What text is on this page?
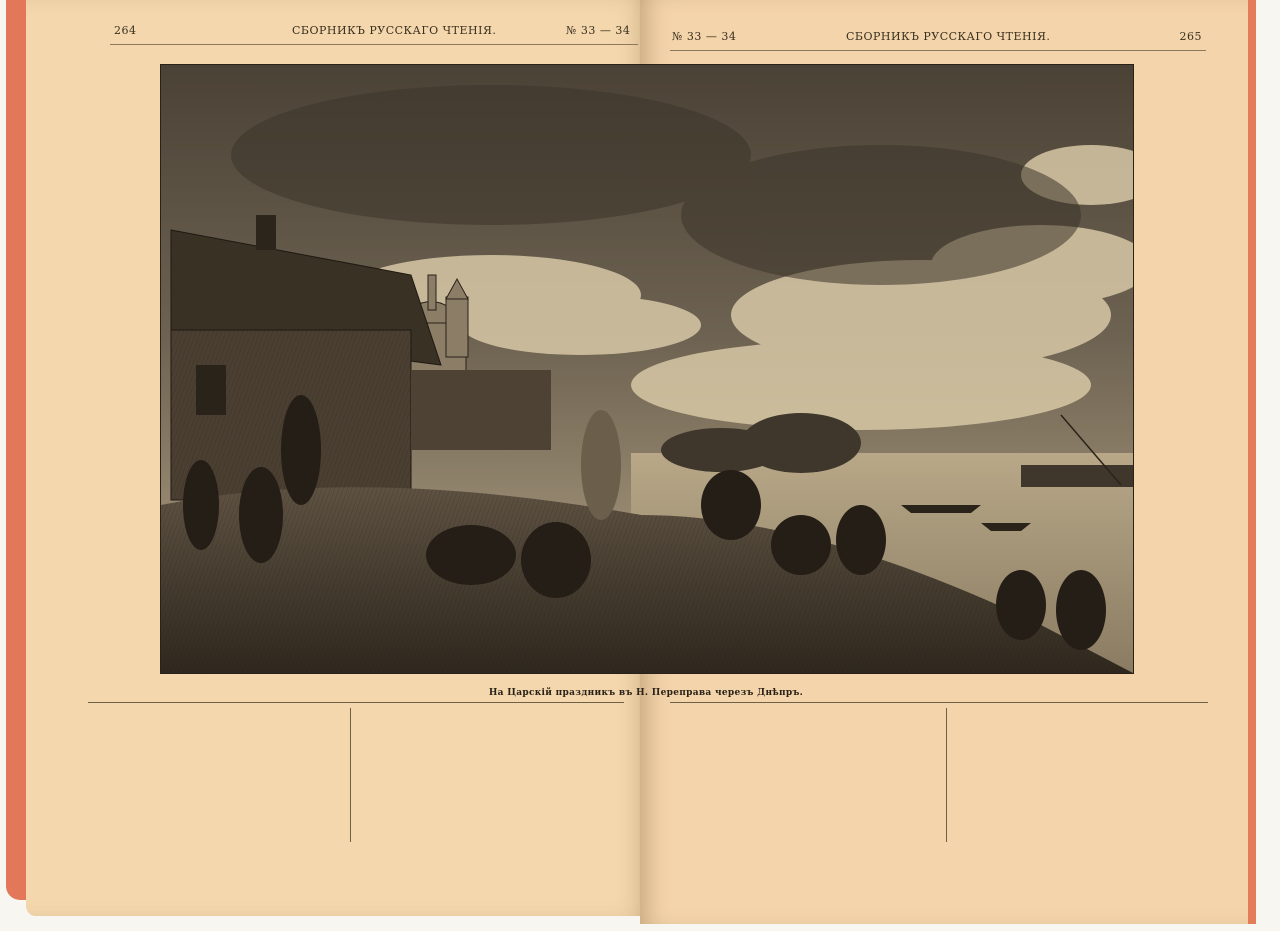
264	СБОРНИКЪ РУССКАГО ЧТЕНІЯ.	№ 33 — 34	№ 33 — 34	СБОРНИКЪ РУССКАГО ЧТЕНІЯ.	265
На Царскій праздникъ въ Н. Переправа черезъ Днѣпръ.
